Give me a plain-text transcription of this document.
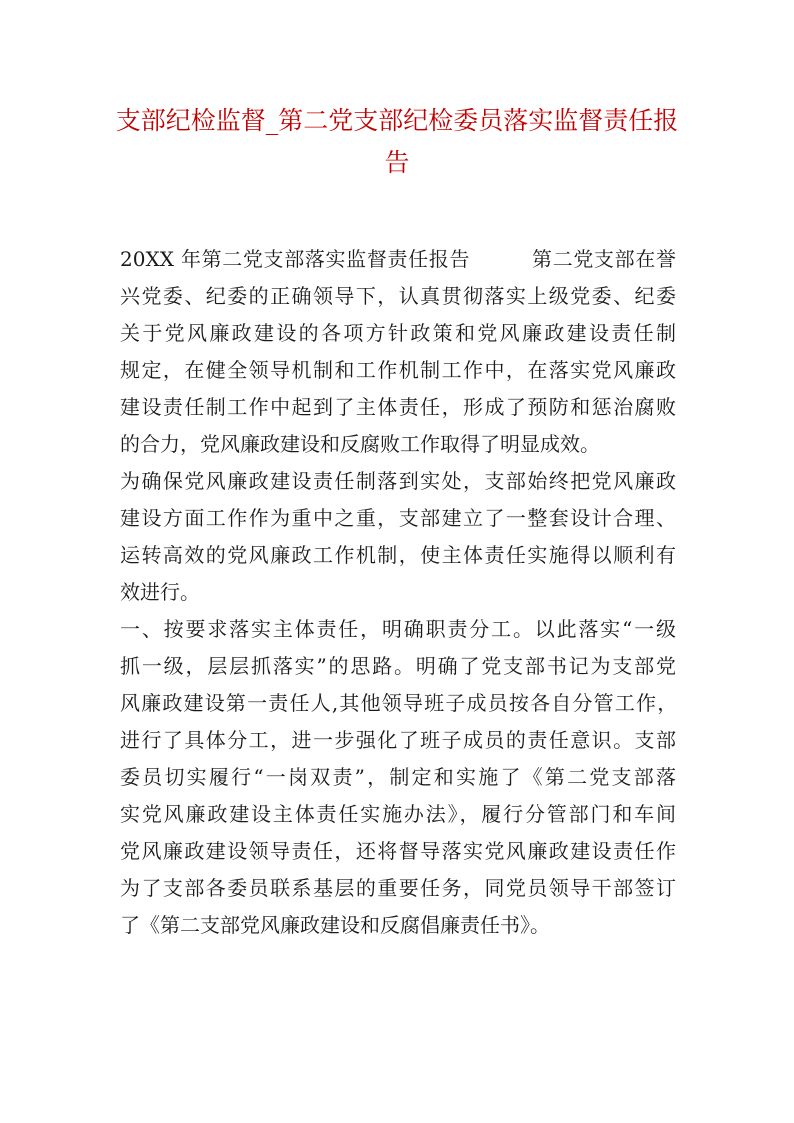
支部纪检监督_第二党支部纪检委员落实监督责任报
告
20XX 年第二党支部落实监督责任报告　　　第二党支部在誉
兴党委、纪委的正确领导下，认真贯彻落实上级党委、纪委
关于党风廉政建设的各项方针政策和党风廉政建设责任制
规定，在健全领导机制和工作机制工作中，在落实党风廉政
建设责任制工作中起到了主体责任，形成了预防和惩治腐败
的合力，党风廉政建设和反腐败工作取得了明显成效。
为确保党风廉政建设责任制落到实处，支部始终把党风廉政
建设方面工作作为重中之重，支部建立了一整套设计合理、
运转高效的党风廉政工作机制，使主体责任实施得以顺利有
效进行。
一、按要求落实主体责任，明确职责分工。以此落实“一级
抓一级，层层抓落实”的思路。明确了党支部书记为支部党
风廉政建设第一责任人,其他领导班子成员按各自分管工作，
进行了具体分工，进一步强化了班子成员的责任意识。支部
委员切实履行“一岗双责”，制定和实施了《第二党支部落
实党风廉政建设主体责任实施办法》，履行分管部门和车间
党风廉政建设领导责任，还将督导落实党风廉政建设责任作
为了支部各委员联系基层的重要任务，同党员领导干部签订
了《第二支部党风廉政建设和反腐倡廉责任书》。
